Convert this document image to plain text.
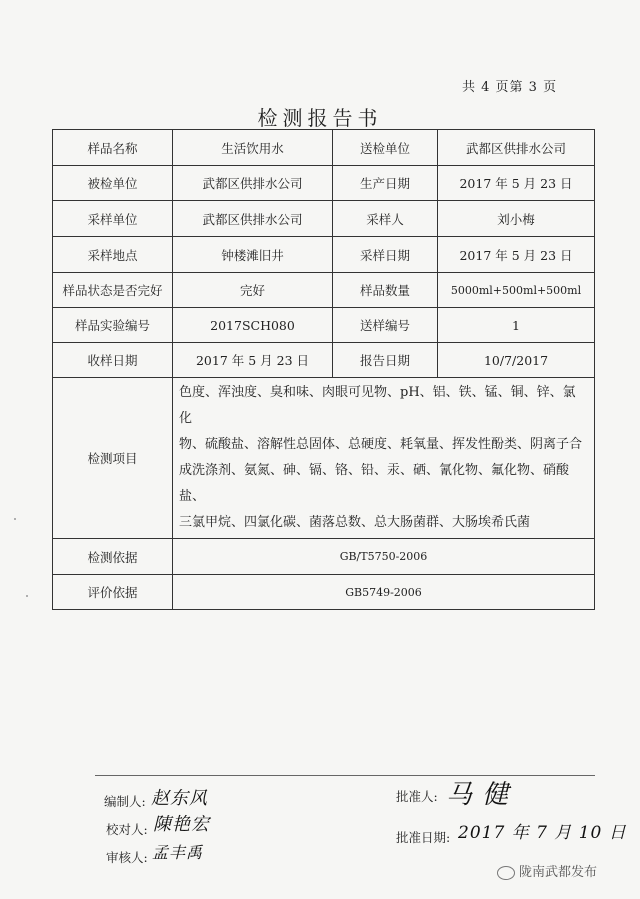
共 4 页第 3 页
检测报告书
样品名称	生活饮用水	送检单位	武都区供排水公司
被检单位	武都区供排水公司	生产日期	2017 年 5 月 23 日
采样单位	武都区供排水公司	采样人	刘小梅
采样地点	钟楼滩旧井	采样日期	2017 年 5 月 23 日
样品状态是否完好	完好	样品数量	5000ml+500ml+500ml
样品实验编号	2017SCH080	送样编号	1
收样日期	2017 年 5 月 23 日	报告日期	10/7/2017
检测项目	色度、浑浊度、臭和味、肉眼可见物、pH、铝、铁、锰、铜、锌、氯化
物、硫酸盐、溶解性总固体、总硬度、耗氧量、挥发性酚类、阴离子合
成洗涤剂、氨氮、砷、镉、铬、铅、汞、硒、氰化物、氟化物、硝酸盐、
三氯甲烷、四氯化碳、菌落总数、总大肠菌群、大肠埃希氏菌		

检测依据	GB/T5750-2006		
评价依据	GB5749-2006		
编制人: 赵东风
校对人: 陳艳宏
审核人: 孟丰禹
批准人: 马 健
批准日期: 2017 年 7 月 10 日
陇南武都发布
